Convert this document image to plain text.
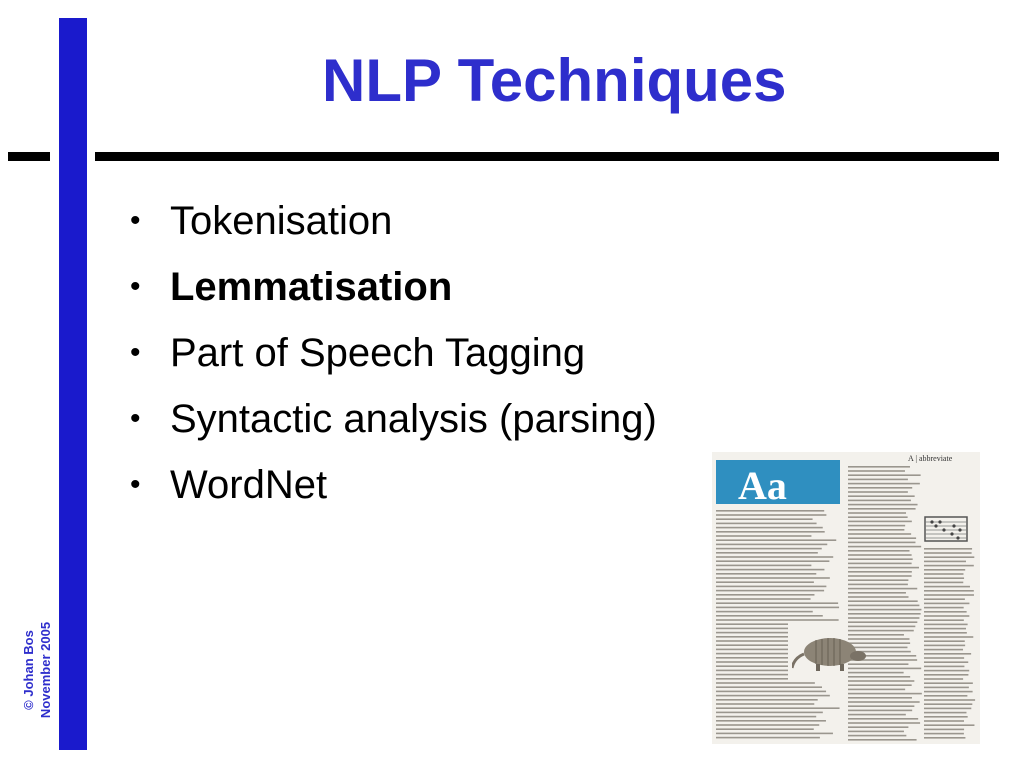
NLP Techniques
• Tokenisation
• Lemmatisation
• Part of Speech Tagging
• Syntactic analysis (parsing)
• WordNet
© Johan Bos November 2005
Aa
A | abbreviate
